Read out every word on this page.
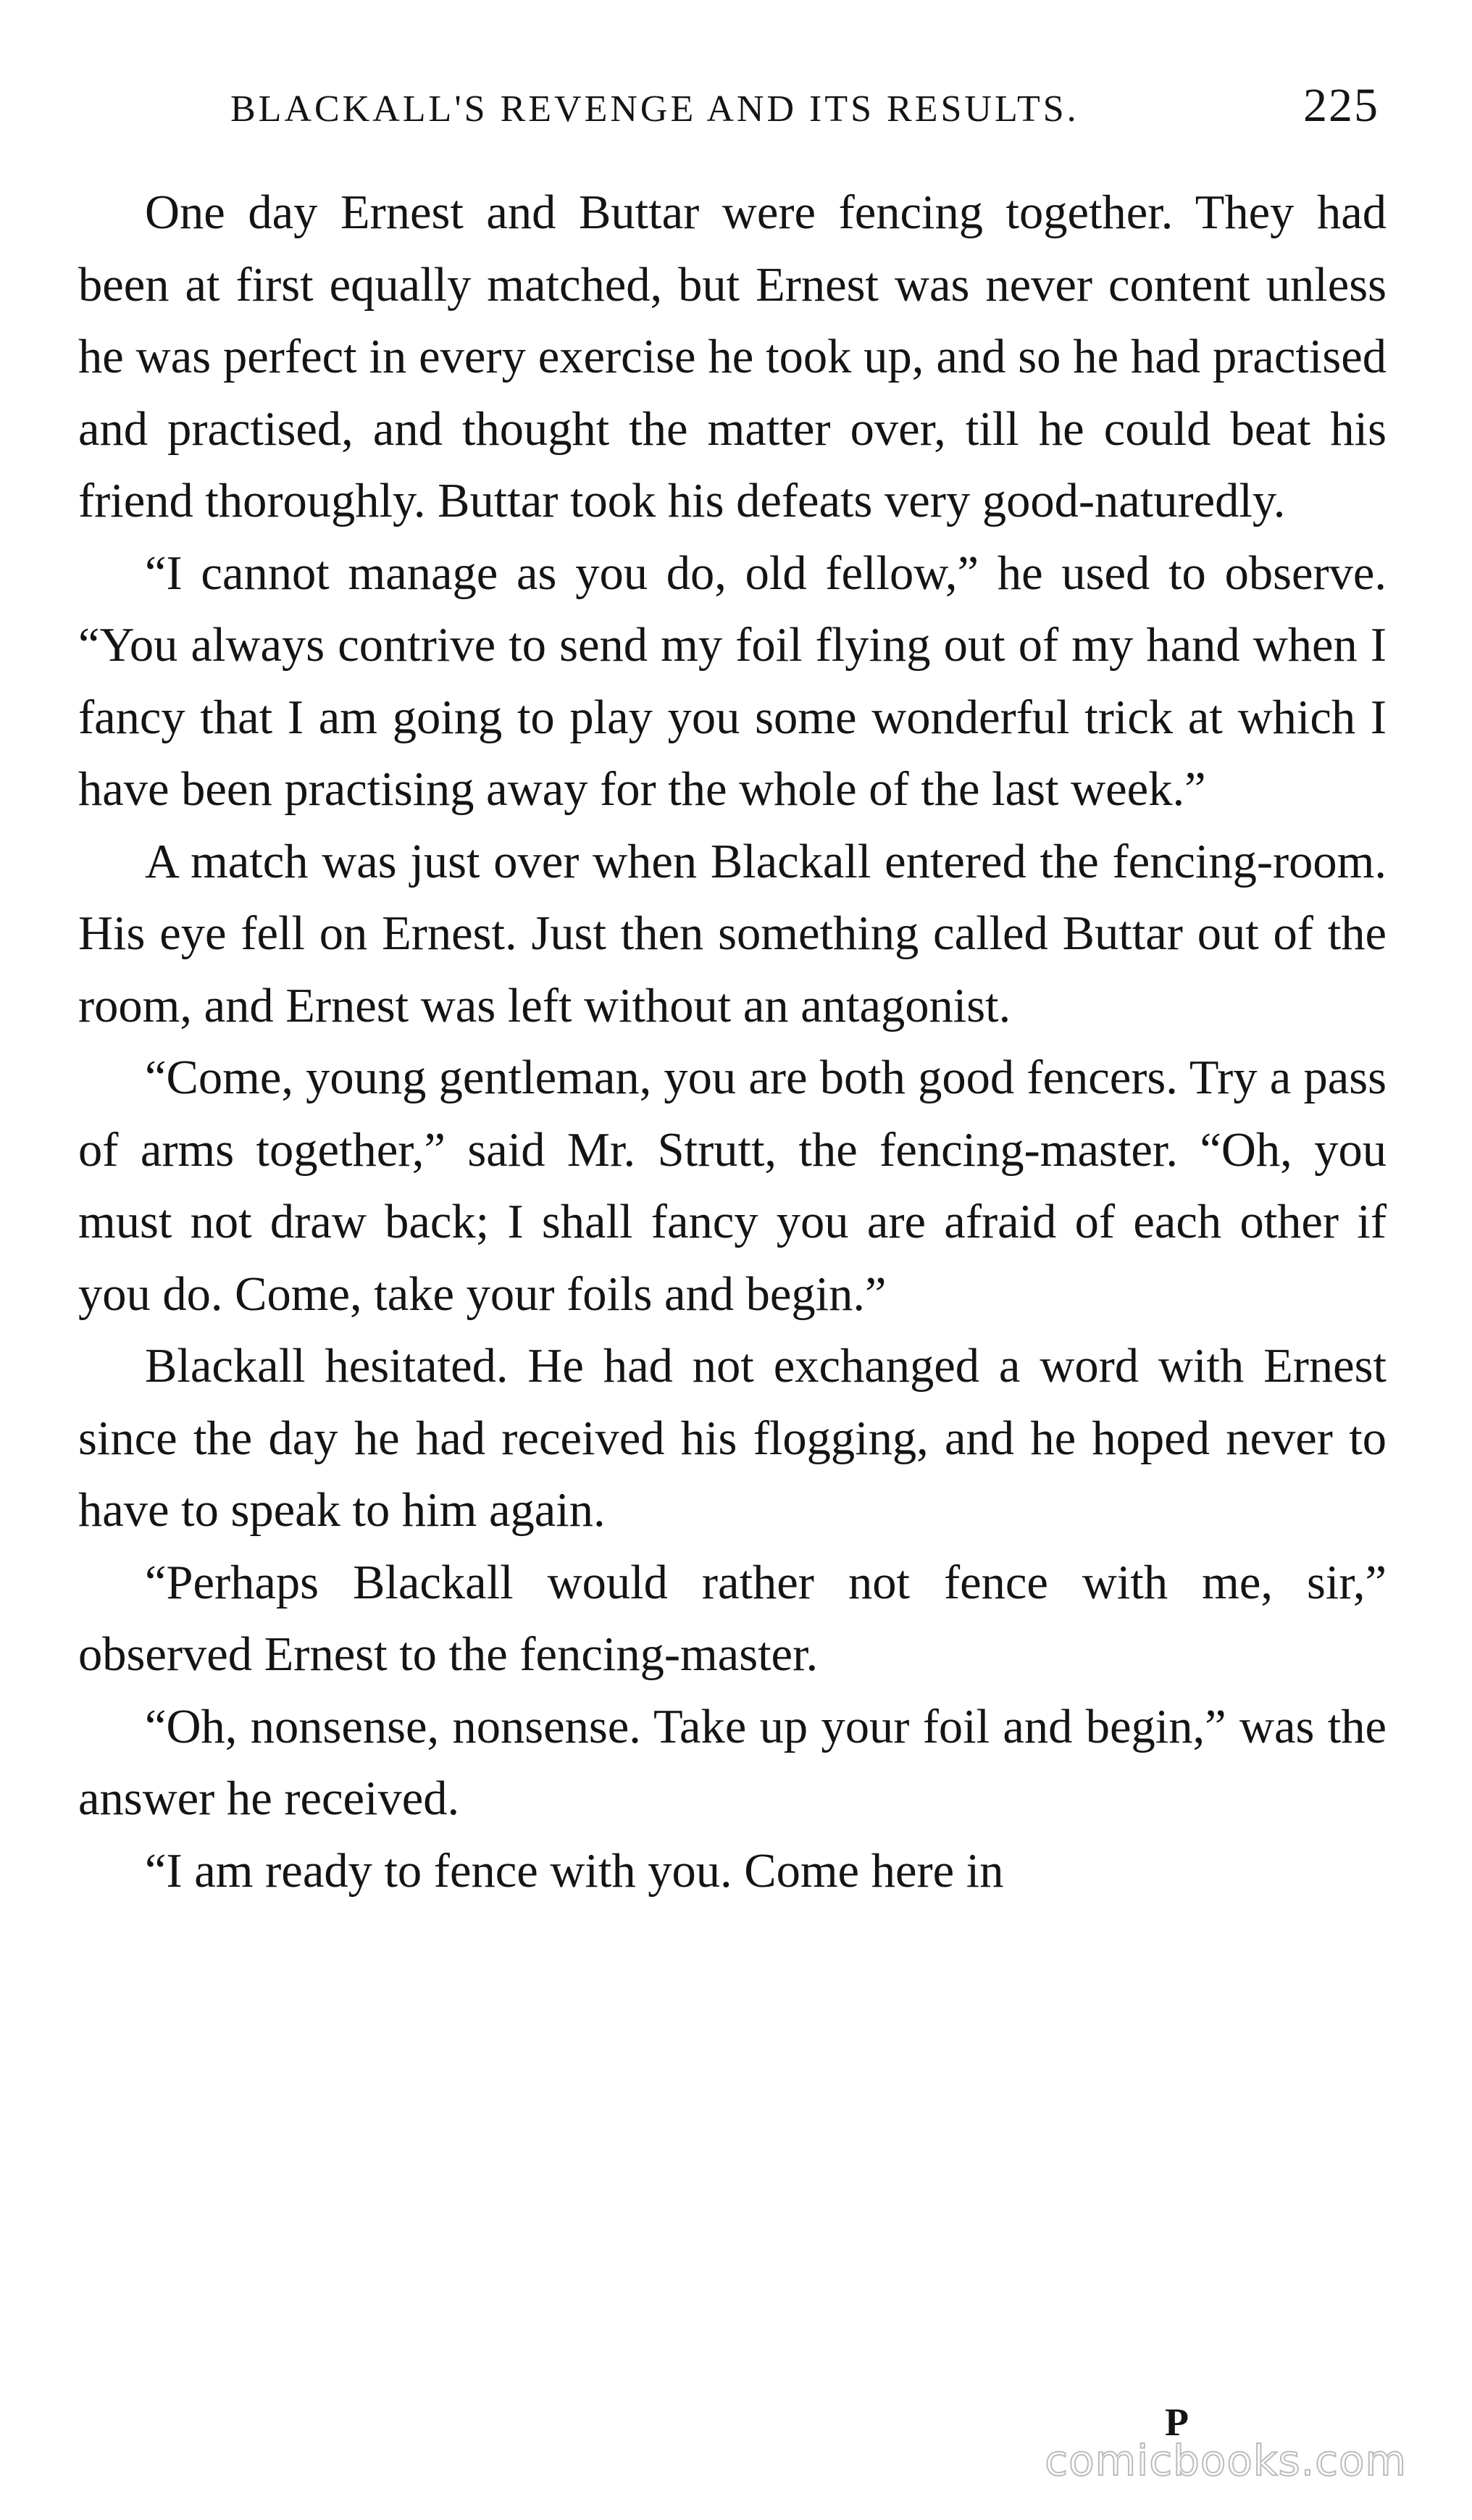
BLACKALL'S REVENGE AND ITS RESULTS.	225

One day Ernest and Buttar were fencing together. They had been at first equally matched, but Ernest was never content unless he was perfect in every exercise he took up, and so he had practised and practised, and thought the matter over, till he could beat his friend thoroughly. Buttar took his defeats very good-naturedly.

“I cannot manage as you do, old fellow,” he used to observe. “You always contrive to send my foil flying out of my hand when I fancy that I am going to play you some wonderful trick at which I have been practising away for the whole of the last week.”

A match was just over when Blackall entered the fencing-room. His eye fell on Ernest. Just then something called Buttar out of the room, and Ernest was left without an antagonist.

“Come, young gentleman, you are both good fencers. Try a pass of arms together,” said Mr. Strutt, the fencing-master. “Oh, you must not draw back; I shall fancy you are afraid of each other if you do. Come, take your foils and begin.”

Blackall hesitated. He had not exchanged a word with Ernest since the day he had received his flogging, and he hoped never to have to speak to him again.

“Perhaps Blackall would rather not fence with me, sir,” observed Ernest to the fencing-master.

“Oh, nonsense, nonsense. Take up your foil and begin,” was the answer he received.

“I am ready to fence with you. Come here in

P
comicbooks.com
